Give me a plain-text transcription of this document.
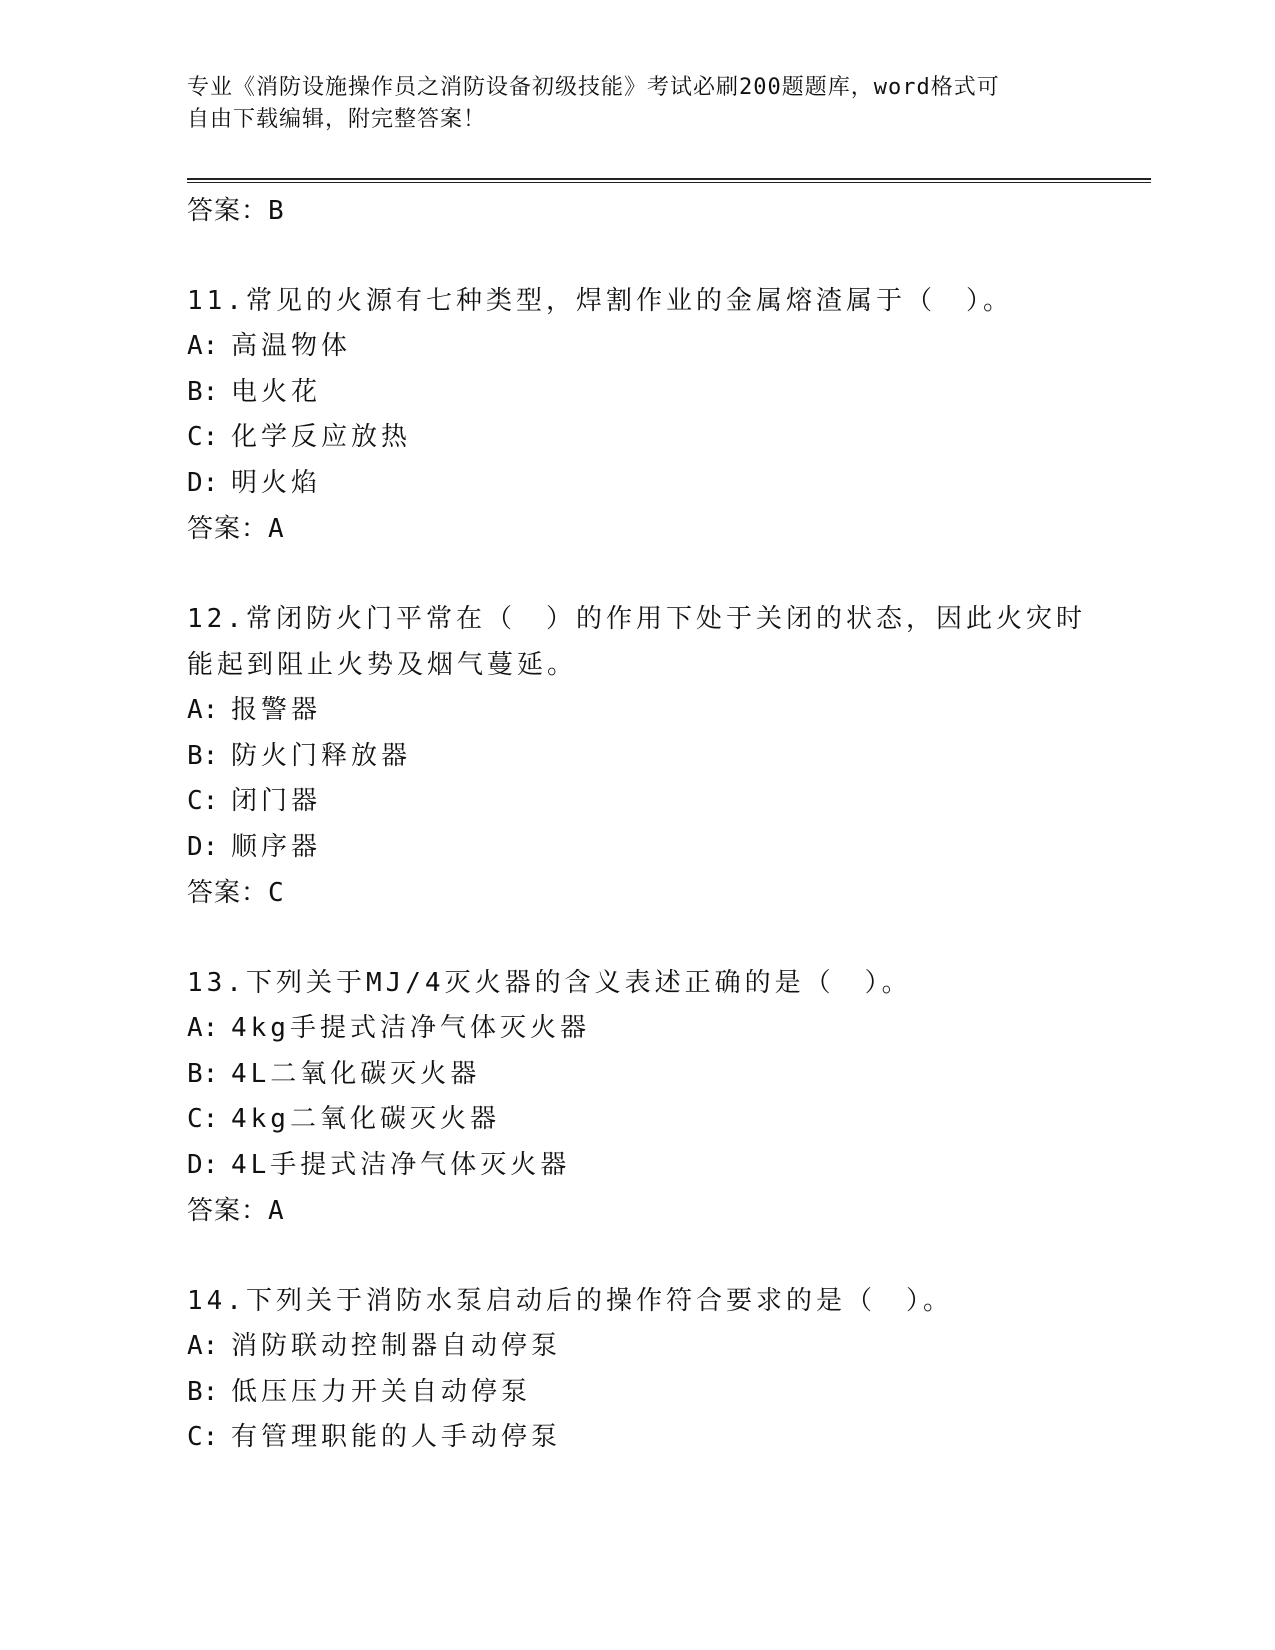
专业《消防设施操作员之消防设备初级技能》考试必刷200题题库，word格式可
自由下载编辑，附完整答案！

答案：B

11.常见的火源有七种类型，焊割作业的金属熔渣属于（　）。

A: 高温物体

B: 电火花

C: 化学反应放热

D: 明火焰

答案：A

12.常闭防火门平常在（　）的作用下处于关闭的状态，因此火灾时能起到阻止火势及烟气蔓延。

A: 报警器

B: 防火门释放器

C: 闭门器

D: 顺序器

答案：C

13.下列关于MJ/4灭火器的含义表述正确的是（　）。

A: 4kg手提式洁净气体灭火器

B: 4L二氧化碳灭火器

C: 4kg二氧化碳灭火器

D: 4L手提式洁净气体灭火器

答案：A

14.下列关于消防水泵启动后的操作符合要求的是（　）。

A: 消防联动控制器自动停泵

B: 低压压力开关自动停泵

C: 有管理职能的人手动停泵
